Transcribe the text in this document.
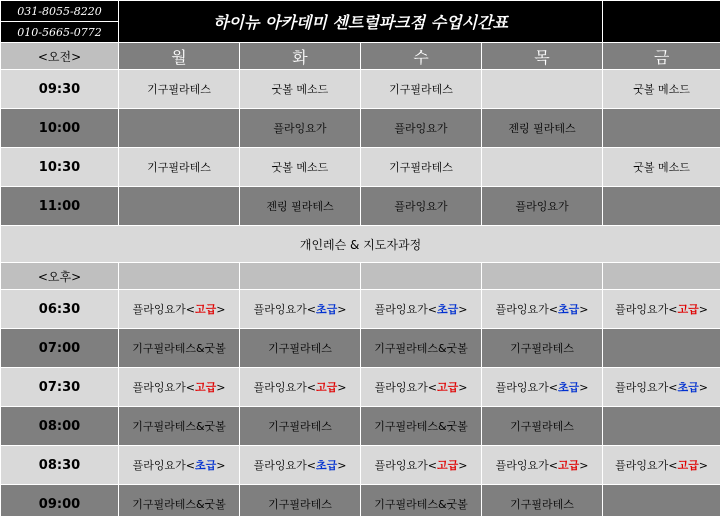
031-8055-8220	하이뉴 아카데미 센트럴파크점 수업시간표				
010-5665-0772					
<오전>	월	화	수	목	금
09:30	기구필라테스	굿볼 메소드	기구필라테스		굿볼 메소드
10:00		플라잉요가	플라잉요가	젠링 필라테스	
10:30	기구필라테스	굿볼 메소드	기구필라테스		굿볼 메소드
11:00		젠링 필라테스	플라잉요가	플라잉요가	
개인레슨 & 지도자과정					
<오후>					
06:30	플라잉요가<고급>	플라잉요가<초급>	플라잉요가<초급>	플라잉요가<초급>	플라잉요가<고급>
07:00	기구필라테스&굿볼	기구필라테스	기구필라테스&굿볼	기구필라테스	
07:30	플라잉요가<고급>	플라잉요가<고급>	플라잉요가<고급>	플라잉요가<초급>	플라잉요가<초급>
08:00	기구필라테스&굿볼	기구필라테스	기구필라테스&굿볼	기구필라테스	
08:30	플라잉요가<초급>	플라잉요가<초급>	플라잉요가<고급>	플라잉요가<고급>	플라잉요가<고급>
09:00	기구필라테스&굿볼	기구필라테스	기구필라테스&굿볼	기구필라테스	
